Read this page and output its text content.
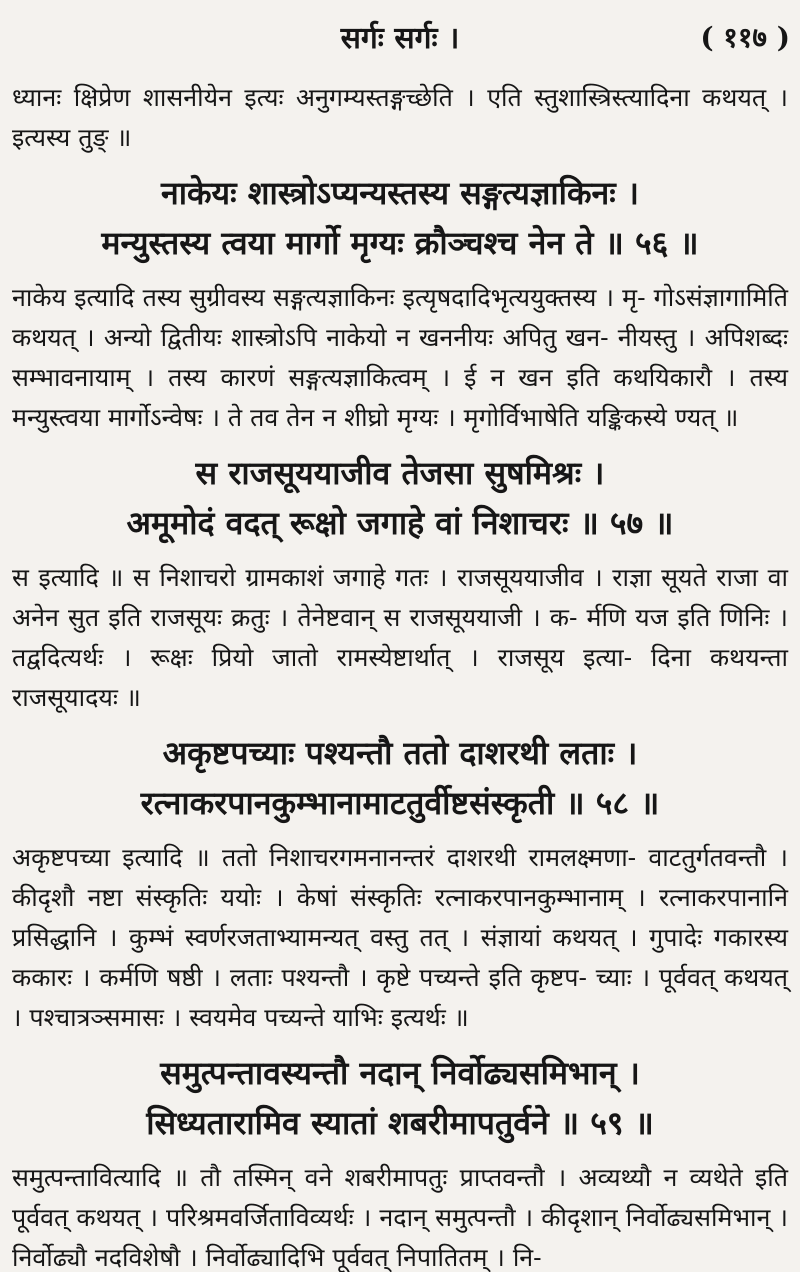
सर्गः सर्गः ।	( ११७ )

ध्यानः क्षिप्रेण शासनीयेन इत्यः अनुगम्यस्तङ्गच्छेति । एति स्तुशास्त्रिस्त्यादिना कथयत् । इत्यस्य तुङ् ॥

नाकेयः शास्त्रोऽप्यन्यस्तस्य सङ्गत्यज्ञाकिनः ।
मन्युस्तस्य त्वया मार्गो मृग्यः क्रौञ्चश्च नेन ते ॥ ५६ ॥

नाकेय इत्यादि तस्य सुग्रीवस्य सङ्गत्यज्ञाकिनः इत्यृषदादिभृत्ययुक्तस्य । मृ- गोऽसंज्ञागामिति कथयत् । अन्यो द्वितीयः शास्त्रोऽपि नाकेयो न खननीयः अपितु खन- नीयस्तु । अपिशब्दः सम्भावनायाम् । तस्य कारणं सङ्गत्यज्ञाकित्वम् । ई न खन इति कथयिकारौ । तस्य मन्युस्त्वया मार्गोऽन्वेषः । ते तव तेन न शीघ्रो मृग्यः । मृगोर्विभाषेति यङ्किकस्ये ण्यत् ॥

स राजसूययाजीव तेजसा सुषमिश्रः ।
अमूमोदं वदत् रूक्षो जगाहे वां निशाचरः ॥ ५७ ॥

स इत्यादि ॥ स निशाचरो ग्रामकाशं जगाहे गतः । राजसूययाजीव । राज्ञा सूयते राजा वा अनेन सुत इति राजसूयः क्रतुः । तेनेष्टवान् स राजसूययाजी । क- र्मणि यज इति णिनिः । तद्वदित्यर्थः । रूक्षः प्रियो जातो रामस्येष्टार्थात् । राजसूय इत्या- दिना कथयन्ता राजसूयादयः ॥

अकृष्टपच्याः पश्यन्तौ ततो दाशरथी लताः ।
रत्नाकरपानकुम्भानामाटतुर्वीष्टसंस्कृती ॥ ५८ ॥

अकृष्टपच्या इत्यादि ॥ ततो निशाचरगमनानन्तरं दाशरथी रामलक्ष्मणा- वाटतुर्गतवन्तौ । कीदृशौ नष्टा संस्कृतिः ययोः । केषां संस्कृतिः रत्नाकरपानकुम्भानाम् । रत्नाकरपानानि प्रसिद्धानि । कुम्भं स्वर्णरजताभ्यामन्यत् वस्तु तत् । संज्ञायां कथयत् । गुपादेः गकारस्य ककारः । कर्मणि षष्ठी । लताः पश्यन्तौ । कृष्टे पच्यन्ते इति कृष्टप- च्याः । पूर्ववत् कथयत् । पश्चात्रञ्समासः । स्वयमेव पच्यन्ते याभिः इत्यर्थः ॥

समुत्पन्तावस्यन्तौ नदान् निर्वोढ्यसमिभान् ।
सिध्यतारामिव स्यातां शबरीमापतुर्वने ॥ ५९ ॥

समुत्पन्तावित्यादि ॥ तौ तस्मिन् वने शबरीमापतुः प्राप्तवन्तौ । अव्यथ्यौ न व्यथेते इति पूर्ववत् कथयत् । परिश्रमवर्जिताविव्यर्थः । नदान् समुत्पन्तौ । कीदृशान् निर्वोढ्यसमिभान् । निर्वोढ्यौ नदविशेषौ । निर्वोढ्यादिभि पूर्ववत् निपातितम् । नि-
